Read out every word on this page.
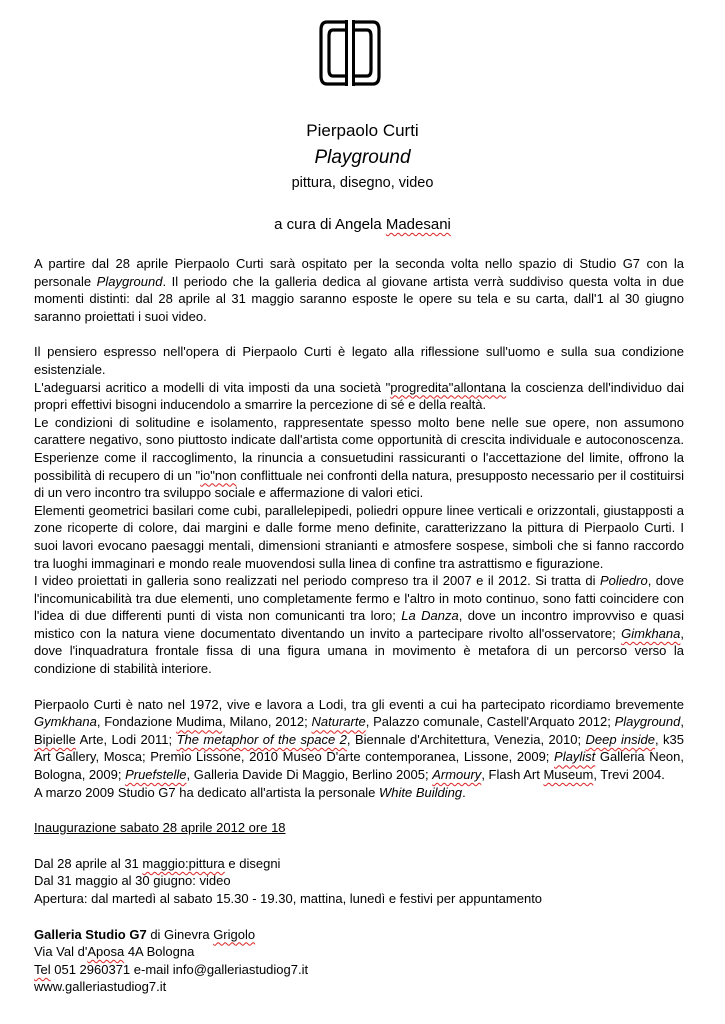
Pierpaolo Curti
Playground
pittura, disegno, video
a cura di Angela Madesani

A partire dal 28 aprile Pierpaolo Curti sarà ospitato per la seconda volta nello spazio di Studio G7 con la personale Playground. Il periodo che la galleria dedica al giovane artista verrà suddiviso questa volta in due momenti distinti: dal 28 aprile al 31 maggio saranno esposte le opere su tela e su carta, dall'1 al 30 giugno saranno proiettati i suoi video.

Il pensiero espresso nell'opera di Pierpaolo Curti è legato alla riflessione sull'uomo e sulla sua condizione esistenziale.

L'adeguarsi acritico a modelli di vita imposti da una società "progredita"allontana la coscienza dell'individuo dai propri effettivi bisogni inducendolo a smarrire la percezione di sé e della realtà.

Le condizioni di solitudine e isolamento, rappresentate spesso molto bene nelle sue opere, non assumono carattere negativo, sono piuttosto indicate dall'artista come opportunità di crescita individuale e autoconoscenza. Esperienze come il raccoglimento, la rinuncia a consuetudini rassicuranti o l'accettazione del limite, offrono la possibilità di recupero di un "io"non conflittuale nei confronti della natura, presupposto necessario per il costituirsi di un vero incontro tra sviluppo sociale e affermazione di valori etici.

Elementi geometrici basilari come cubi, parallelepipedi, poliedri oppure linee verticali e orizzontali, giustapposti a zone ricoperte di colore, dai margini e dalle forme meno definite, caratterizzano la pittura di Pierpaolo Curti. I suoi lavori evocano paesaggi mentali, dimensioni stranianti e atmosfere sospese, simboli che si fanno raccordo tra luoghi immaginari e mondo reale muovendosi sulla linea di confine tra astrattismo e figurazione.

I video proiettati in galleria sono realizzati nel periodo compreso tra il 2007 e il 2012. Si tratta di Poliedro, dove l'incomunicabilità tra due elementi, uno completamente fermo e l'altro in moto continuo, sono fatti coincidere con l'idea di due differenti punti di vista non comunicanti tra loro; La Danza, dove un incontro improvviso e quasi mistico con la natura viene documentato diventando un invito a partecipare rivolto all'osservatore; Gimkhana, dove l'inquadratura frontale fissa di una figura umana in movimento è metafora di un percorso verso la condizione di stabilità interiore.

Pierpaolo Curti è nato nel 1972, vive e lavora a Lodi, tra gli eventi a cui ha partecipato ricordiamo brevemente Gymkhana, Fondazione Mudima, Milano, 2012; Naturarte, Palazzo comunale, Castell'Arquato 2012; Playground, Bipielle Arte, Lodi 2011; The metaphor of the space 2, Biennale d'Architettura, Venezia, 2010; Deep inside, k35 Art Gallery, Mosca; Premio Lissone, 2010 Museo D'arte contemporanea, Lissone, 2009; Playlist Galleria Neon, Bologna, 2009; Pruefstelle, Galleria Davide Di Maggio, Berlino 2005; Armoury, Flash Art Museum, Trevi 2004.

A marzo 2009 Studio G7 ha dedicato all'artista la personale White Building.

Inaugurazione sabato 28 aprile 2012 ore 18

Dal 28 aprile al 31 maggio:pittura e disegni

Dal 31 maggio al 30 giugno: video

Apertura: dal martedì al sabato 15.30 - 19.30, mattina, lunedì e festivi per appuntamento

Galleria Studio G7 di Ginevra Grigolo

Via Val d'Aposa 4A Bologna

Tel 051 2960371 e-mail info@galleriastudiog7.it

www.galleriastudiog7.it
